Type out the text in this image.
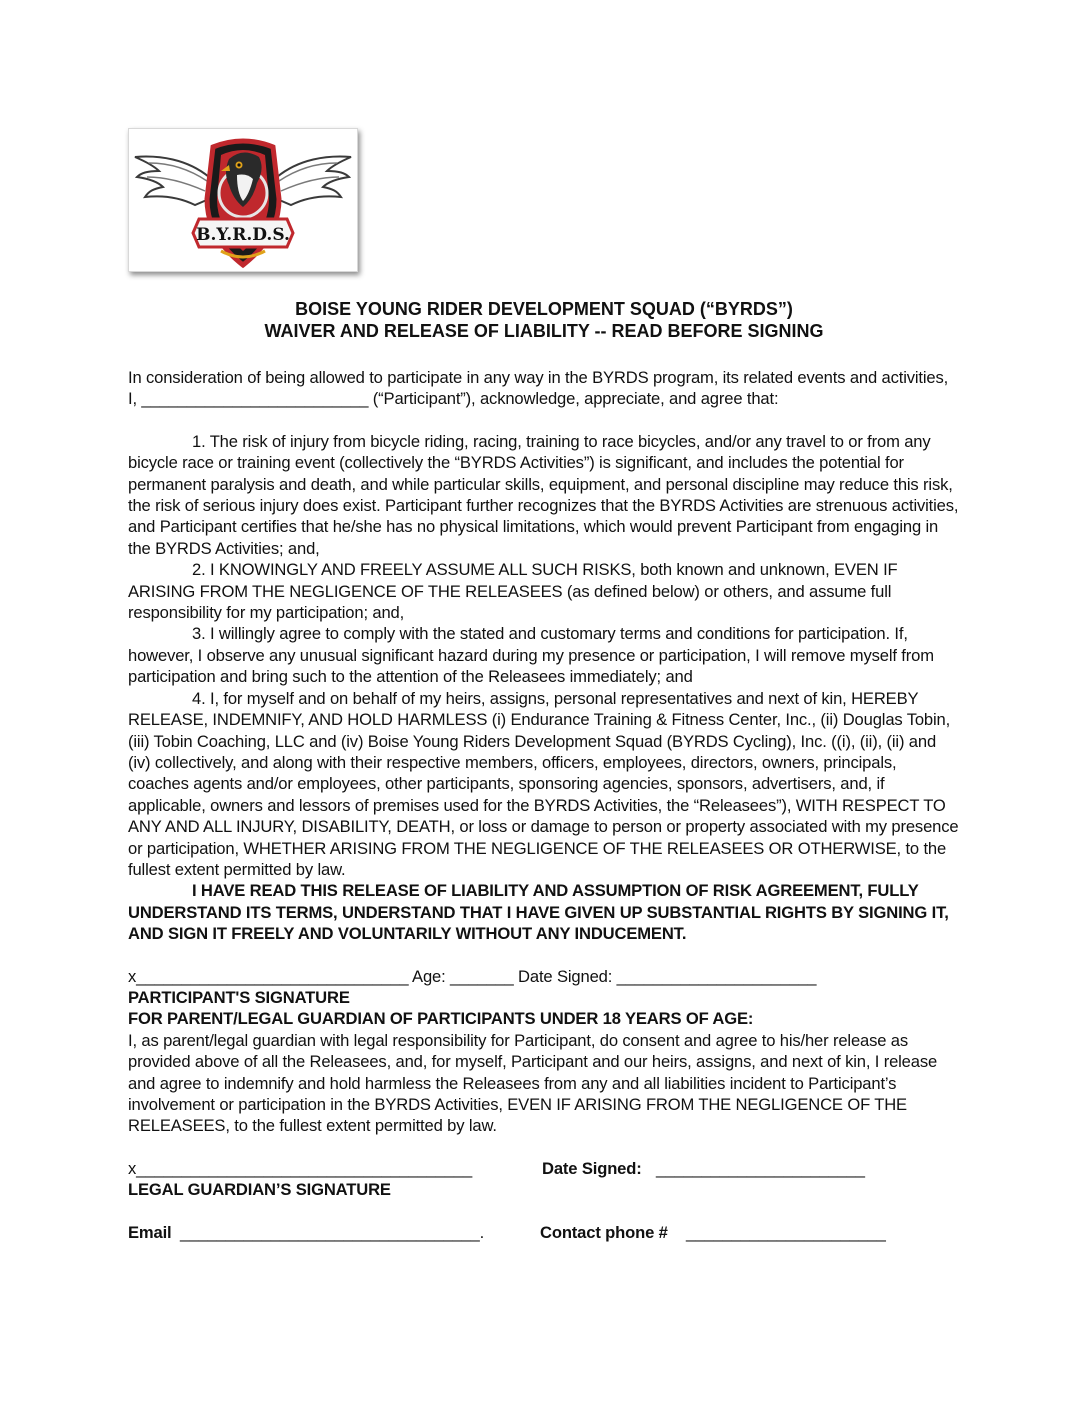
B.Y.R.D.S.
BOISE YOUNG RIDER DEVELOPMENT SQUAD (“BYRDS”)
WAIVER AND RELEASE OF LIABILITY -- READ BEFORE SIGNING

In consideration of being allowed to participate in any way in the BYRDS program, its related events and activities, I, _________________________ (“Participant”), acknowledge, appreciate, and agree that:

1. The risk of injury from bicycle riding, racing, training to race bicycles, and/or any travel to or from any bicycle race or training event (collectively the “BYRDS Activities”) is significant, and includes the potential for permanent paralysis and death, and while particular skills, equipment, and personal discipline may reduce this risk, the risk of serious injury does exist. Participant further recognizes that the BYRDS Activities are strenuous activities, and Participant certifies that he/she has no physical limitations, which would prevent Participant from engaging in the BYRDS Activities; and,

2. I KNOWINGLY AND FREELY ASSUME ALL SUCH RISKS, both known and unknown, EVEN IF ARISING FROM THE NEGLIGENCE OF THE RELEASEES (as defined below) or others, and assume full responsibility for my participation; and,

3. I willingly agree to comply with the stated and customary terms and conditions for participation. If, however, I observe any unusual significant hazard during my presence or participation, I will remove myself from participation and bring such to the attention of the Releasees immediately; and

4. I, for myself and on behalf of my heirs, assigns, personal representatives and next of kin, HEREBY RELEASE, INDEMNIFY, AND HOLD HARMLESS (i) Endurance Training & Fitness Center, Inc., (ii) Douglas Tobin, (iii) Tobin Coaching, LLC and (iv) Boise Young Riders Development Squad (BYRDS Cycling), Inc. ((i), (ii), (ii) and (iv) collectively, and along with their respective members, officers, employees, directors, owners, principals, coaches agents and/or employees, other participants, sponsoring agencies, sponsors, advertisers, and, if applicable, owners and lessors of premises used for the BYRDS Activities, the “Releasees”), WITH RESPECT TO ANY AND ALL INJURY, DISABILITY, DEATH, or loss or damage to person or property associated with my presence or participation, WHETHER ARISING FROM THE NEGLIGENCE OF THE RELEASEES OR OTHERWISE, to the fullest extent permitted by law.

I HAVE READ THIS RELEASE OF LIABILITY AND ASSUMPTION OF RISK AGREEMENT, FULLY UNDERSTAND ITS TERMS, UNDERSTAND THAT I HAVE GIVEN UP SUBSTANTIAL RIGHTS BY SIGNING IT, AND SIGN IT FREELY AND VOLUNTARILY WITHOUT ANY INDUCEMENT.

x______________________________ Age: _______ Date Signed: ______________________

PARTICIPANT'S SIGNATURE

FOR PARENT/LEGAL GUARDIAN OF PARTICIPANTS UNDER 18 YEARS OF AGE:

I, as parent/legal guardian with legal responsibility for Participant, do consent and agree to his/her release as provided above of all the Releasees, and, for myself, Participant and our heirs, assigns, and next of kin, I release and agree to indemnify and hold harmless the Releasees from any and all liabilities incident to Participant’s involvement or participation in the BYRDS Activities, EVEN IF ARISING FROM THE NEGLIGENCE OF THE RELEASEES, to the fullest extent permitted by law.

x_____________________________________	Date Signed: _______________________

LEGAL GUARDIAN’S SIGNATURE

Email _________________________________.	Contact phone # ______________________
